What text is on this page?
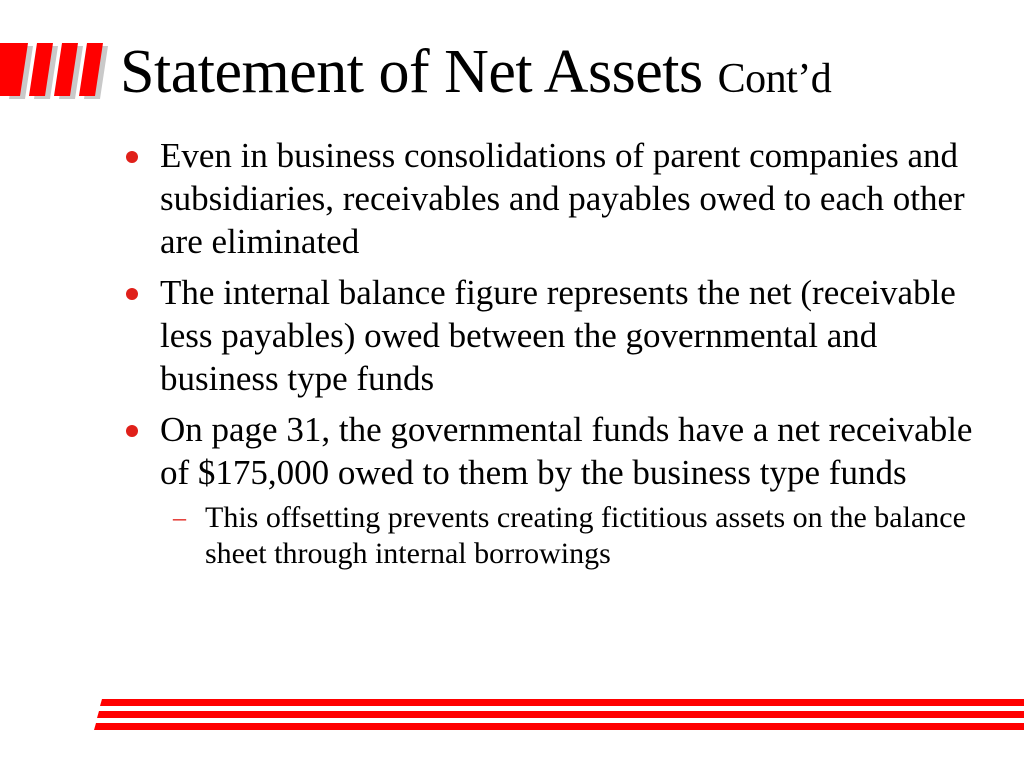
Statement of Net Assets Cont’d
Even in business consolidations of parent companies and subsidiaries, receivables and payables owed to each other are eliminated
The internal balance figure represents the net (receivable less payables) owed between the governmental and business type funds
On page 31, the governmental funds have a net receivable of $175,000 owed to them by the business type funds
– This offsetting prevents creating fictitious assets on the balance sheet through internal borrowings
